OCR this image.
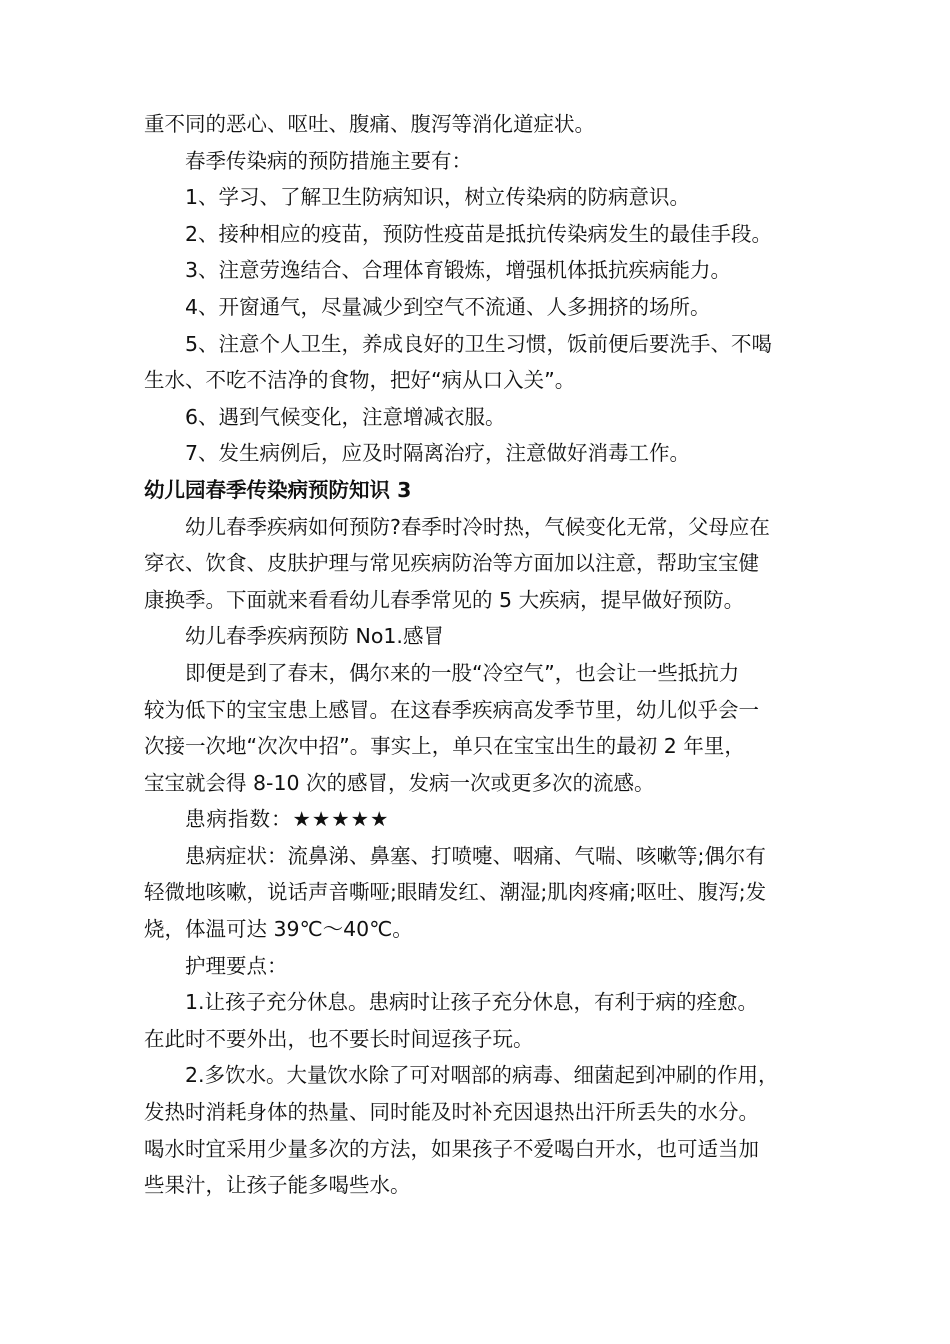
重不同的恶心、呕吐、腹痛、腹泻等消化道症状。

春季传染病的预防措施主要有：

1、学习、了解卫生防病知识，树立传染病的防病意识。

2、接种相应的疫苗，预防性疫苗是抵抗传染病发生的最佳手段。

3、注意劳逸结合、合理体育锻炼，增强机体抵抗疾病能力。

4、开窗通气，尽量减少到空气不流通、人多拥挤的场所。

5、注意个人卫生，养成良好的卫生习惯，饭前便后要洗手、不喝

生水、不吃不洁净的食物，把好“病从口入关”。

6、遇到气候变化，注意增减衣服。

7、发生病例后，应及时隔离治疗，注意做好消毒工作。

幼儿园春季传染病预防知识 3

幼儿春季疾病如何预防?春季时冷时热，气候变化无常，父母应在

穿衣、饮食、皮肤护理与常见疾病防治等方面加以注意，帮助宝宝健

康换季。下面就来看看幼儿春季常见的 5 大疾病，提早做好预防。

幼儿春季疾病预防 No1.感冒

即便是到了春末，偶尔来的一股“冷空气”，也会让一些抵抗力

较为低下的宝宝患上感冒。在这春季疾病高发季节里，幼儿似乎会一

次接一次地“次次中招”。事实上，单只在宝宝出生的最初 2 年里，

宝宝就会得 8-10 次的感冒，发病一次或更多次的流感。

患病指数：★★★★★

患病症状：流鼻涕、鼻塞、打喷嚏、咽痛、气喘、咳嗽等;偶尔有

轻微地咳嗽，说话声音嘶哑;眼睛发红、潮湿;肌肉疼痛;呕吐、腹泻;发

烧，体温可达 39℃～40℃。

护理要点：

1.让孩子充分休息。患病时让孩子充分休息，有利于病的痊愈。

在此时不要外出，也不要长时间逗孩子玩。

2.多饮水。大量饮水除了可对咽部的病毒、细菌起到冲刷的作用，

发热时消耗身体的热量、同时能及时补充因退热出汗所丢失的水分。

喝水时宜采用少量多次的方法，如果孩子不爱喝白开水，也可适当加

些果汁，让孩子能多喝些水。
